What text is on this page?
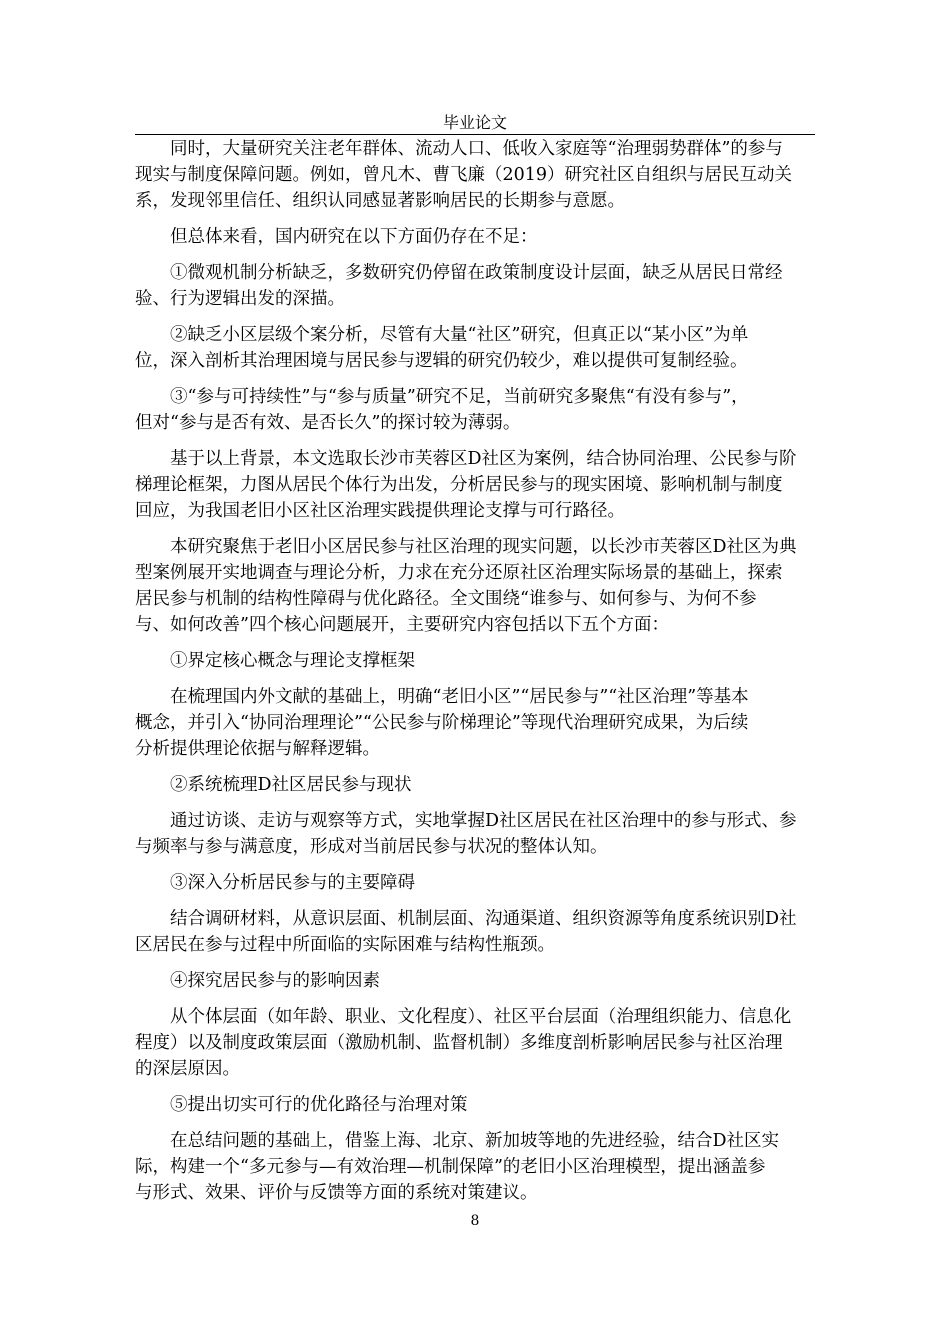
毕业论文

同时，大量研究关注老年群体、流动人口、低收入家庭等“治理弱势群体”的参与
现实与制度保障问题。例如，曾凡木、曹飞廉（2019）研究社区自组织与居民互动关
系，发现邻里信任、组织认同感显著影响居民的长期参与意愿。

但总体来看，国内研究在以下方面仍存在不足：

①微观机制分析缺乏，多数研究仍停留在政策制度设计层面，缺乏从居民日常经
验、行为逻辑出发的深描。

②缺乏小区层级个案分析，尽管有大量“社区”研究，但真正以“某小区”为单
位，深入剖析其治理困境与居民参与逻辑的研究仍较少，难以提供可复制经验。

③“参与可持续性”与“参与质量”研究不足，当前研究多聚焦“有没有参与”，
但对“参与是否有效、是否长久”的探讨较为薄弱。

基于以上背景，本文选取长沙市芙蓉区D社区为案例，结合协同治理、公民参与阶
梯理论框架，力图从居民个体行为出发，分析居民参与的现实困境、影响机制与制度
回应，为我国老旧小区社区治理实践提供理论支撑与可行路径。

本研究聚焦于老旧小区居民参与社区治理的现实问题，以长沙市芙蓉区D社区为典
型案例展开实地调查与理论分析，力求在充分还原社区治理实际场景的基础上，探索
居民参与机制的结构性障碍与优化路径。全文围绕“谁参与、如何参与、为何不参
与、如何改善”四个核心问题展开，主要研究内容包括以下五个方面：

①界定核心概念与理论支撑框架

在梳理国内外文献的基础上，明确“老旧小区”“居民参与”“社区治理”等基本
概念，并引入“协同治理理论”“公民参与阶梯理论”等现代治理研究成果，为后续
分析提供理论依据与解释逻辑。

②系统梳理D社区居民参与现状

通过访谈、走访与观察等方式，实地掌握D社区居民在社区治理中的参与形式、参
与频率与参与满意度，形成对当前居民参与状况的整体认知。

③深入分析居民参与的主要障碍

结合调研材料，从意识层面、机制层面、沟通渠道、组织资源等角度系统识别D社
区居民在参与过程中所面临的实际困难与结构性瓶颈。

④探究居民参与的影响因素

从个体层面（如年龄、职业、文化程度）、社区平台层面（治理组织能力、信息化
程度）以及制度政策层面（激励机制、监督机制）多维度剖析影响居民参与社区治理
的深层原因。

⑤提出切实可行的优化路径与治理对策

在总结问题的基础上，借鉴上海、北京、新加坡等地的先进经验，结合D社区实
际，构建一个“多元参与—有效治理—机制保障”的老旧小区治理模型，提出涵盖参
与形式、效果、评价与反馈等方面的系统对策建议。

8
